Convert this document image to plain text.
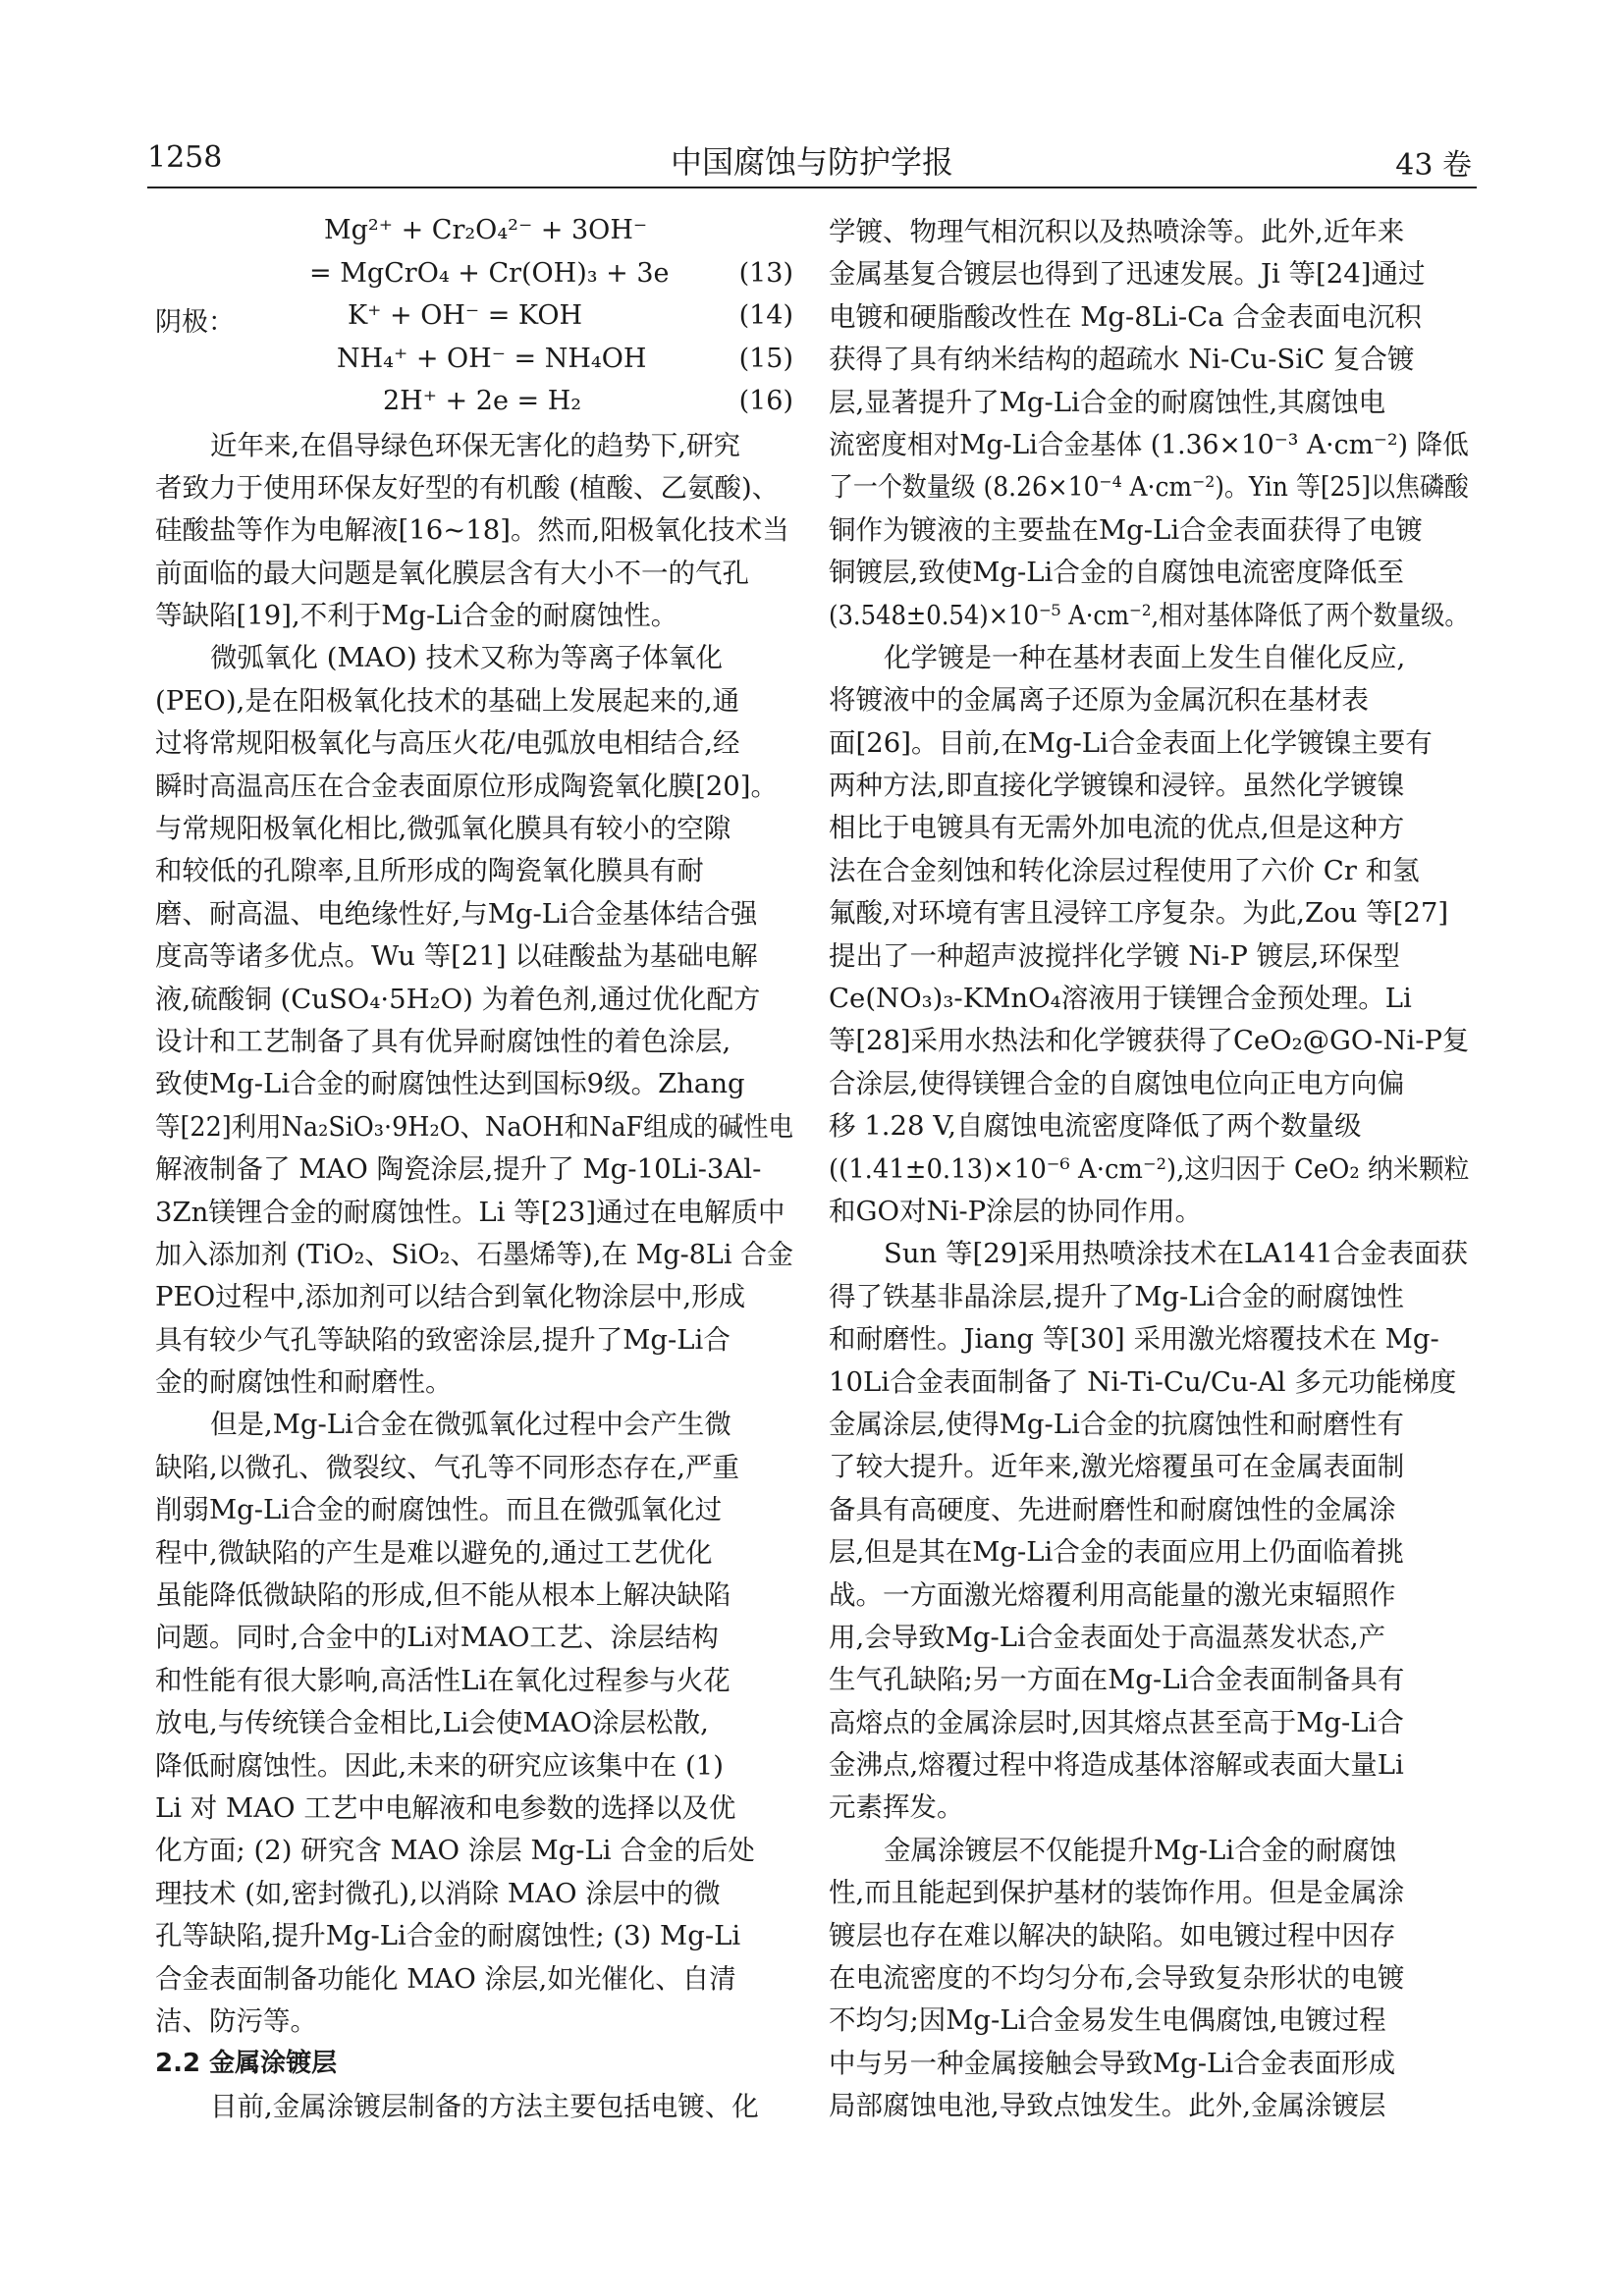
1258	中国腐蚀与防护学报	43 卷
Mg²⁺ + Cr₂O₄²⁻ + 3OH⁻
= MgCrO₄ + Cr(OH)₃ + 3e	(13)
阴极：	K⁺ + OH⁻ = KOH	(14)
NH₄⁺ + OH⁻ = NH₄OH	(15)
2H⁺ + 2e = H₂	(16)
近年来,在倡导绿色环保无害化的趋势下,研究
者致力于使用环保友好型的有机酸 (植酸、乙氨酸)、
硅酸盐等作为电解液[16~18]。然而,阳极氧化技术当
前面临的最大问题是氧化膜层含有大小不一的气孔
等缺陷[19],不利于Mg-Li合金的耐腐蚀性。
微弧氧化 (MAO) 技术又称为等离子体氧化
(PEO),是在阳极氧化技术的基础上发展起来的,通
过将常规阳极氧化与高压火花/电弧放电相结合,经
瞬时高温高压在合金表面原位形成陶瓷氧化膜[20]。
与常规阳极氧化相比,微弧氧化膜具有较小的空隙
和较低的孔隙率,且所形成的陶瓷氧化膜具有耐
磨、耐高温、电绝缘性好,与Mg-Li合金基体结合强
度高等诸多优点。Wu 等[21] 以硅酸盐为基础电解
液,硫酸铜 (CuSO₄·5H₂O) 为着色剂,通过优化配方
设计和工艺制备了具有优异耐腐蚀性的着色涂层,
致使Mg-Li合金的耐腐蚀性达到国标9级。Zhang
等[22]利用Na₂SiO₃·9H₂O、NaOH和NaF组成的碱性电
解液制备了 MAO 陶瓷涂层,提升了 Mg-10Li-3Al-
3Zn镁锂合金的耐腐蚀性。Li 等[23]通过在电解质中
加入添加剂 (TiO₂、SiO₂、石墨烯等),在 Mg-8Li 合金
PEO过程中,添加剂可以结合到氧化物涂层中,形成
具有较少气孔等缺陷的致密涂层,提升了Mg-Li合
金的耐腐蚀性和耐磨性。
但是,Mg-Li合金在微弧氧化过程中会产生微
缺陷,以微孔、微裂纹、气孔等不同形态存在,严重
削弱Mg-Li合金的耐腐蚀性。而且在微弧氧化过
程中,微缺陷的产生是难以避免的,通过工艺优化
虽能降低微缺陷的形成,但不能从根本上解决缺陷
问题。同时,合金中的Li对MAO工艺、涂层结构
和性能有很大影响,高活性Li在氧化过程参与火花
放电,与传统镁合金相比,Li会使MAO涂层松散,
降低耐腐蚀性。因此,未来的研究应该集中在 (1)
Li 对 MAO 工艺中电解液和电参数的选择以及优
化方面; (2) 研究含 MAO 涂层 Mg-Li 合金的后处
理技术 (如,密封微孔),以消除 MAO 涂层中的微
孔等缺陷,提升Mg-Li合金的耐腐蚀性; (3) Mg-Li
合金表面制备功能化 MAO 涂层,如光催化、自清
洁、防污等。
2.2 金属涂镀层
目前,金属涂镀层制备的方法主要包括电镀、化
学镀、物理气相沉积以及热喷涂等。此外,近年来
金属基复合镀层也得到了迅速发展。Ji 等[24]通过
电镀和硬脂酸改性在 Mg-8Li-Ca 合金表面电沉积
获得了具有纳米结构的超疏水 Ni-Cu-SiC 复合镀
层,显著提升了Mg-Li合金的耐腐蚀性,其腐蚀电
流密度相对Mg-Li合金基体 (1.36×10⁻³ A·cm⁻²) 降低
了一个数量级 (8.26×10⁻⁴ A·cm⁻²)。Yin 等[25]以焦磷酸
铜作为镀液的主要盐在Mg-Li合金表面获得了电镀
铜镀层,致使Mg-Li合金的自腐蚀电流密度降低至
(3.548±0.54)×10⁻⁵ A·cm⁻²,相对基体降低了两个数量级。
化学镀是一种在基材表面上发生自催化反应,
将镀液中的金属离子还原为金属沉积在基材表
面[26]。目前,在Mg-Li合金表面上化学镀镍主要有
两种方法,即直接化学镀镍和浸锌。虽然化学镀镍
相比于电镀具有无需外加电流的优点,但是这种方
法在合金刻蚀和转化涂层过程使用了六价 Cr 和氢
氟酸,对环境有害且浸锌工序复杂。为此,Zou 等[27]
提出了一种超声波搅拌化学镀 Ni-P 镀层,环保型
Ce(NO₃)₃-KMnO₄溶液用于镁锂合金预处理。Li
等[28]采用水热法和化学镀获得了CeO₂@GO-Ni-P复
合涂层,使得镁锂合金的自腐蚀电位向正电方向偏
移 1.28 V,自腐蚀电流密度降低了两个数量级
((1.41±0.13)×10⁻⁶ A·cm⁻²),这归因于 CeO₂ 纳米颗粒
和GO对Ni-P涂层的协同作用。
Sun 等[29]采用热喷涂技术在LA141合金表面获
得了铁基非晶涂层,提升了Mg-Li合金的耐腐蚀性
和耐磨性。Jiang 等[30] 采用激光熔覆技术在 Mg-
10Li合金表面制备了 Ni-Ti-Cu/Cu-Al 多元功能梯度
金属涂层,使得Mg-Li合金的抗腐蚀性和耐磨性有
了较大提升。近年来,激光熔覆虽可在金属表面制
备具有高硬度、先进耐磨性和耐腐蚀性的金属涂
层,但是其在Mg-Li合金的表面应用上仍面临着挑
战。一方面激光熔覆利用高能量的激光束辐照作
用,会导致Mg-Li合金表面处于高温蒸发状态,产
生气孔缺陷;另一方面在Mg-Li合金表面制备具有
高熔点的金属涂层时,因其熔点甚至高于Mg-Li合
金沸点,熔覆过程中将造成基体溶解或表面大量Li
元素挥发。
金属涂镀层不仅能提升Mg-Li合金的耐腐蚀
性,而且能起到保护基材的装饰作用。但是金属涂
镀层也存在难以解决的缺陷。如电镀过程中因存
在电流密度的不均匀分布,会导致复杂形状的电镀
不均匀;因Mg-Li合金易发生电偶腐蚀,电镀过程
中与另一种金属接触会导致Mg-Li合金表面形成
局部腐蚀电池,导致点蚀发生。此外,金属涂镀层
